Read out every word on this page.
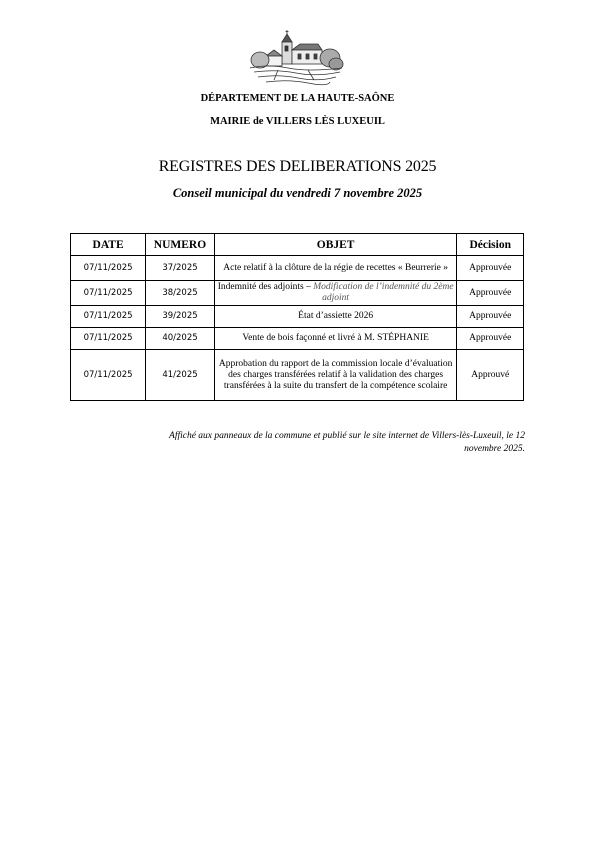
DÉPARTEMENT DE LA HAUTE-SAÔNE
MAIRIE de VILLERS LÈS LUXEUIL
REGISTRES DES DELIBERATIONS 2025
Conseil municipal du vendredi 7 novembre 2025
DATE	NUMERO	OBJET	Décision
07/11/2025	37/2025	Acte relatif à la clôture de la régie de recettes « Beurrerie »	Approuvée
07/11/2025	38/2025	Indemnité des adjoints – Modification de l’indemnité du 2ème adjoint	Approuvée
07/11/2025	39/2025	État d’assiette 2026	Approuvée
07/11/2025	40/2025	Vente de bois façonné et livré à M. STÉPHANIE	Approuvée
07/11/2025	41/2025	Approbation du rapport de la commission locale d’évaluation des charges transférées relatif à la validation des charges transférées à la suite du transfert de la compétence scolaire	Approuvé
Affiché aux panneaux de la commune et publié sur le site internet de Villers-lès-Luxeuil, le 12 novembre 2025.
